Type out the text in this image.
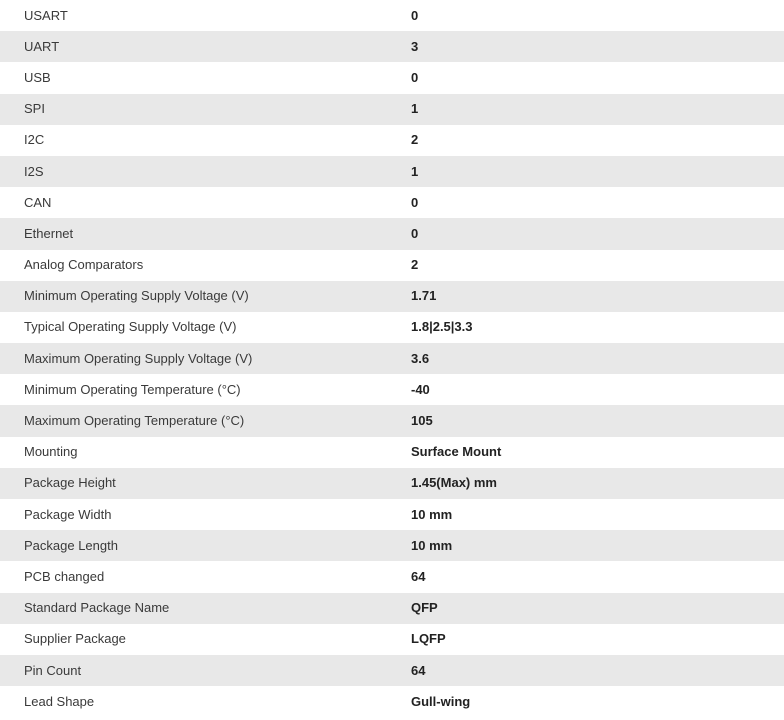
USART	0
UART	3
USB	0
SPI	1
I2C	2
I2S	1
CAN	0
Ethernet	0
Analog Comparators	2
Minimum Operating Supply Voltage (V)	1.71
Typical Operating Supply Voltage (V)	1.8|2.5|3.3
Maximum Operating Supply Voltage (V)	3.6
Minimum Operating Temperature (°C)	-40
Maximum Operating Temperature (°C)	105
Mounting	Surface Mount
Package Height	1.45(Max) mm
Package Width	10 mm
Package Length	10 mm
PCB changed	64
Standard Package Name	QFP
Supplier Package	LQFP
Pin Count	64
Lead Shape	Gull-wing
